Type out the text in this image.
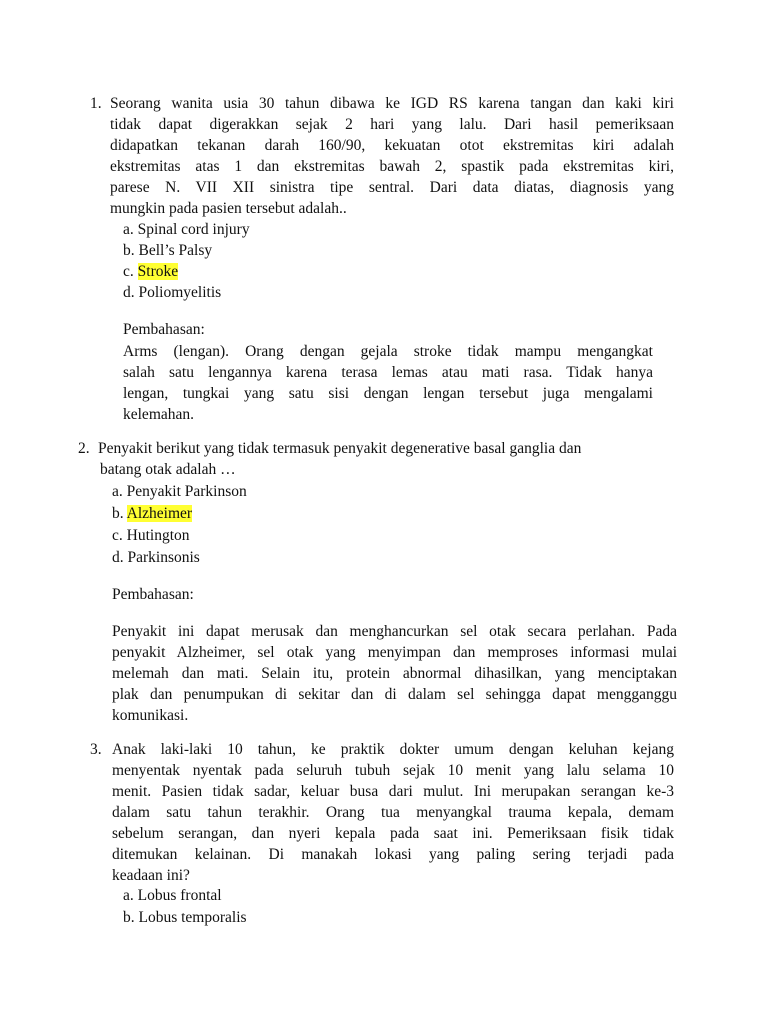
1. Seorang wanita usia 30 tahun dibawa ke IGD RS karena tangan dan kaki kiri
tidak dapat digerakkan sejak 2 hari yang lalu. Dari hasil pemeriksaan
didapatkan tekanan darah 160/90, kekuatan otot ekstremitas kiri adalah
ekstremitas atas 1 dan ekstremitas bawah 2, spastik pada ekstremitas kiri,
parese N. VII XII sinistra tipe sentral. Dari data diatas, diagnosis yang
mungkin pada pasien tersebut adalah..
a. Spinal cord injury
b. Bell’s Palsy
c. Stroke
d. Poliomyelitis
Pembahasan:
Arms (lengan). Orang dengan gejala stroke tidak mampu mengangkat
salah satu lengannya karena terasa lemas atau mati rasa. Tidak hanya
lengan, tungkai yang satu sisi dengan lengan tersebut juga mengalami
kelemahan.
2. Penyakit berikut yang tidak termasuk penyakit degenerative basal ganglia dan
batang otak adalah …
a. Penyakit Parkinson
b. Alzheimer
c. Hutington
d. Parkinsonis
Pembahasan:
Penyakit ini dapat merusak dan menghancurkan sel otak secara perlahan. Pada
penyakit Alzheimer, sel otak yang menyimpan dan memproses informasi mulai
melemah dan mati. Selain itu, protein abnormal dihasilkan, yang menciptakan
plak dan penumpukan di sekitar dan di dalam sel sehingga dapat mengganggu
komunikasi.
3. Anak laki-laki 10 tahun, ke praktik dokter umum dengan keluhan kejang
menyentak nyentak pada seluruh tubuh sejak 10 menit yang lalu selama 10
menit. Pasien tidak sadar, keluar busa dari mulut. Ini merupakan serangan ke-3
dalam satu tahun terakhir. Orang tua menyangkal trauma kepala, demam
sebelum serangan, dan nyeri kepala pada saat ini. Pemeriksaan fisik tidak
ditemukan kelainan. Di manakah lokasi yang paling sering terjadi pada
keadaan ini?
a. Lobus frontal
b. Lobus temporalis
